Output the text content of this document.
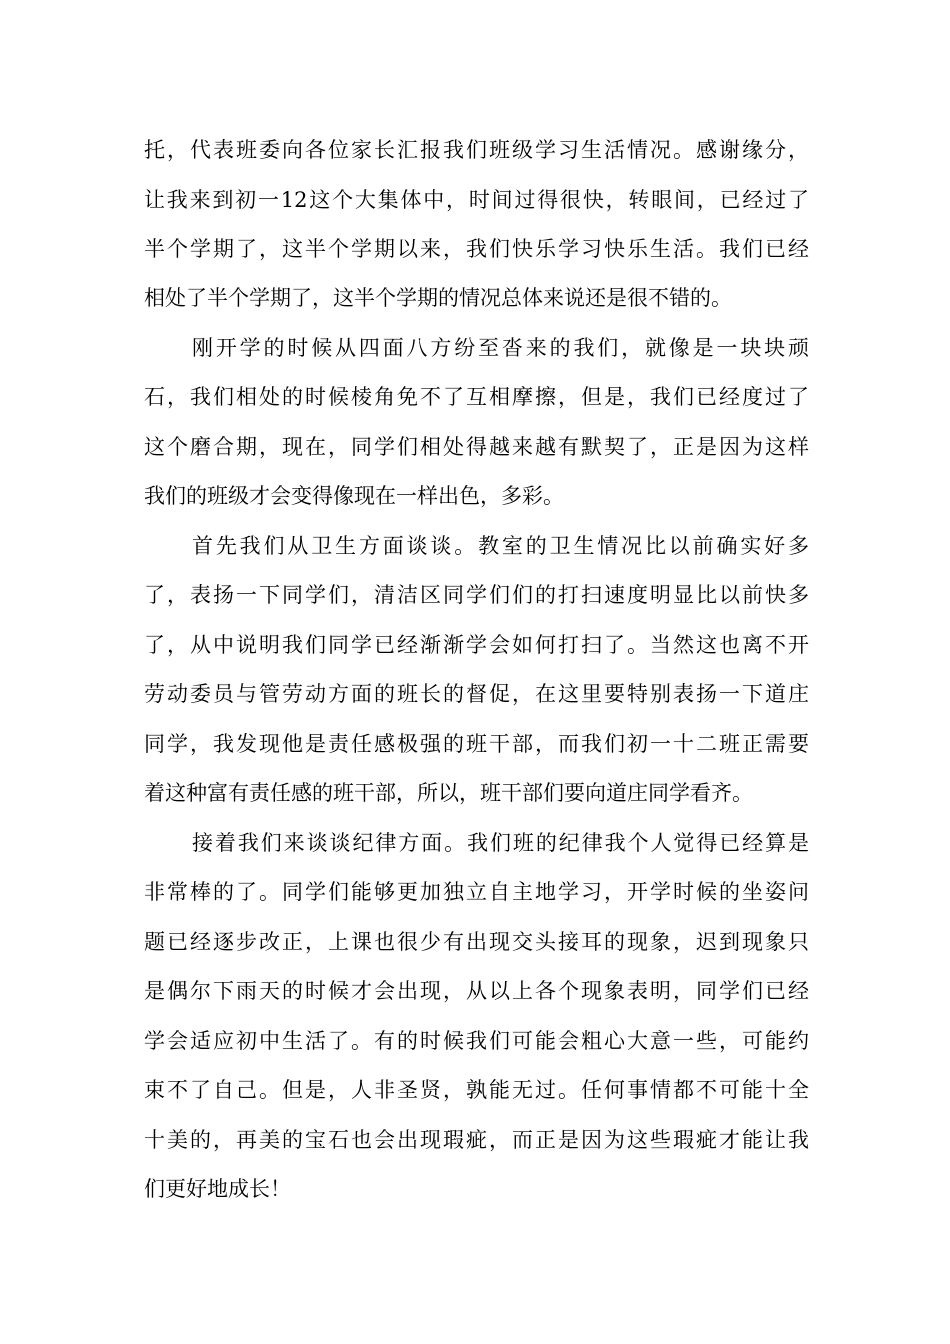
托，代表班委向各位家长汇报我们班级学习生活情况。感谢缘分，
让我来到初一12这个大集体中，时间过得很快，转眼间，已经过了
半个学期了，这半个学期以来，我们快乐学习快乐生活。我们已经
相处了半个学期了，这半个学期的情况总体来说还是很不错的。
刚开学的时候从四面八方纷至沓来的我们，就像是一块块顽
石，我们相处的时候棱角免不了互相摩擦，但是，我们已经度过了
这个磨合期，现在，同学们相处得越来越有默契了，正是因为这样
我们的班级才会变得像现在一样出色，多彩。
首先我们从卫生方面谈谈。教室的卫生情况比以前确实好多
了，表扬一下同学们，清洁区同学们们的打扫速度明显比以前快多
了，从中说明我们同学已经渐渐学会如何打扫了。当然这也离不开
劳动委员与管劳动方面的班长的督促，在这里要特别表扬一下道庄
同学，我发现他是责任感极强的班干部，而我们初一十二班正需要
着这种富有责任感的班干部，所以，班干部们要向道庄同学看齐。
接着我们来谈谈纪律方面。我们班的纪律我个人觉得已经算是
非常棒的了。同学们能够更加独立自主地学习，开学时候的坐姿问
题已经逐步改正，上课也很少有出现交头接耳的现象，迟到现象只
是偶尔下雨天的时候才会出现，从以上各个现象表明，同学们已经
学会适应初中生活了。有的时候我们可能会粗心大意一些，可能约
束不了自己。但是，人非圣贤，孰能无过。任何事情都不可能十全
十美的，再美的宝石也会出现瑕疵，而正是因为这些瑕疵才能让我
们更好地成长！
